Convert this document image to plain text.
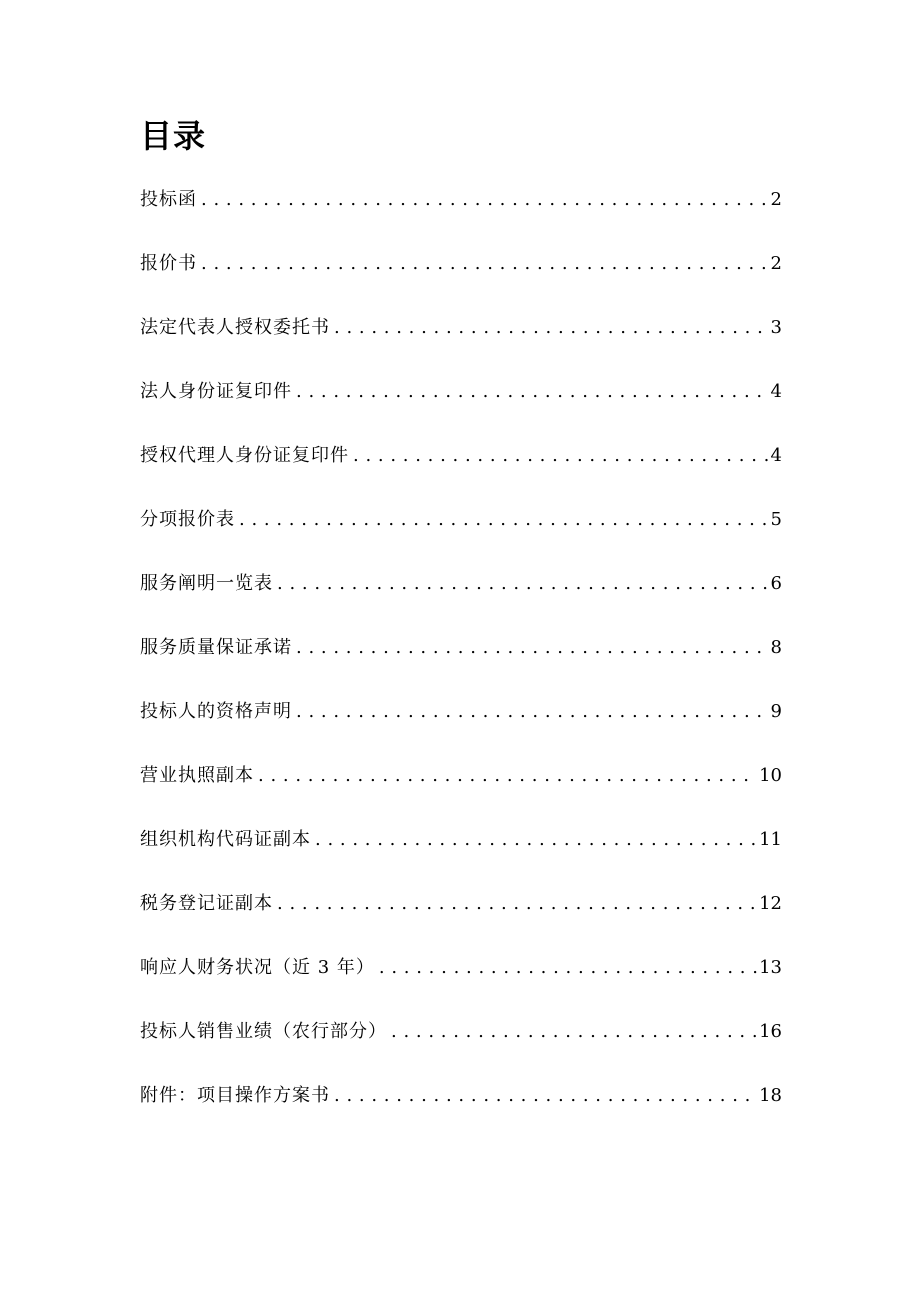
目录
投标函 . . .	2
报价书 . . .	2
法定代表人授权委托书 . . .	3
法人身份证复印件 . . .	4
授权代理人身份证复印件 . . .	4
分项报价表 . . .	5
服务阐明一览表 . . .	6
服务质量保证承诺 . . .	8
投标人的资格声明 . . .	9
营业执照副本 . . .	10
组织机构代码证副本 . . .	11
税务登记证副本 . . .	12
响应人财务状况（近 3 年） . . .	13
投标人销售业绩（农行部分） . . .	16
附件：项目操作方案书 . . .	18
